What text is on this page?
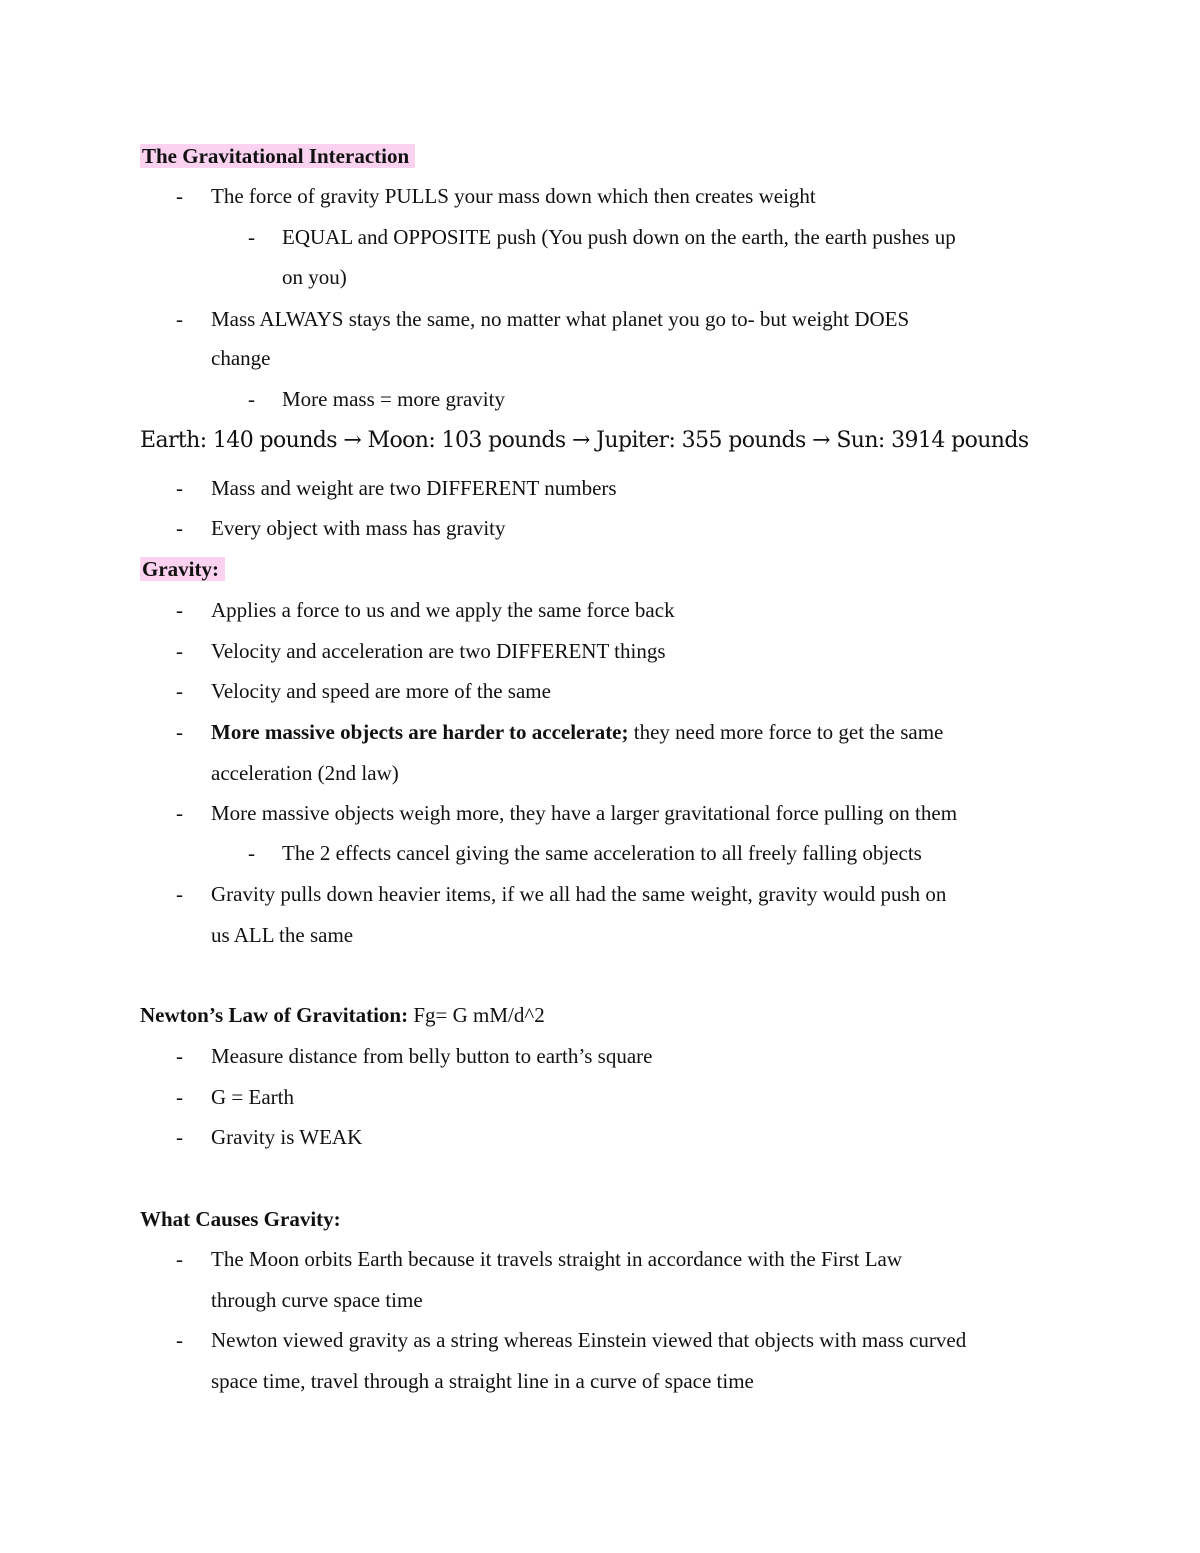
The Gravitational Interaction
- The force of gravity PULLS your mass down which then creates weight
- EQUAL and OPPOSITE push (You push down on the earth, the earth pushes up
on you)
- Mass ALWAYS stays the same, no matter what planet you go to- but weight DOES
change
- More mass = more gravity
Earth: 140 pounds → Moon: 103 pounds → Jupiter: 355 pounds → Sun: 3914 pounds
- Mass and weight are two DIFFERENT numbers
- Every object with mass has gravity
Gravity:
- Applies a force to us and we apply the same force back
- Velocity and acceleration are two DIFFERENT things
- Velocity and speed are more of the same
- More massive objects are harder to accelerate; they need more force to get the same
acceleration (2nd law)
- More massive objects weigh more, they have a larger gravitational force pulling on them
- The 2 effects cancel giving the same acceleration to all freely falling objects
- Gravity pulls down heavier items, if we all had the same weight, gravity would push on
us ALL the same
Newton’s Law of Gravitation: Fg= G mM/d^2
- Measure distance from belly button to earth’s square
- G = Earth
- Gravity is WEAK
What Causes Gravity:
- The Moon orbits Earth because it travels straight in accordance with the First Law
through curve space time
- Newton viewed gravity as a string whereas Einstein viewed that objects with mass curved
space time, travel through a straight line in a curve of space time
